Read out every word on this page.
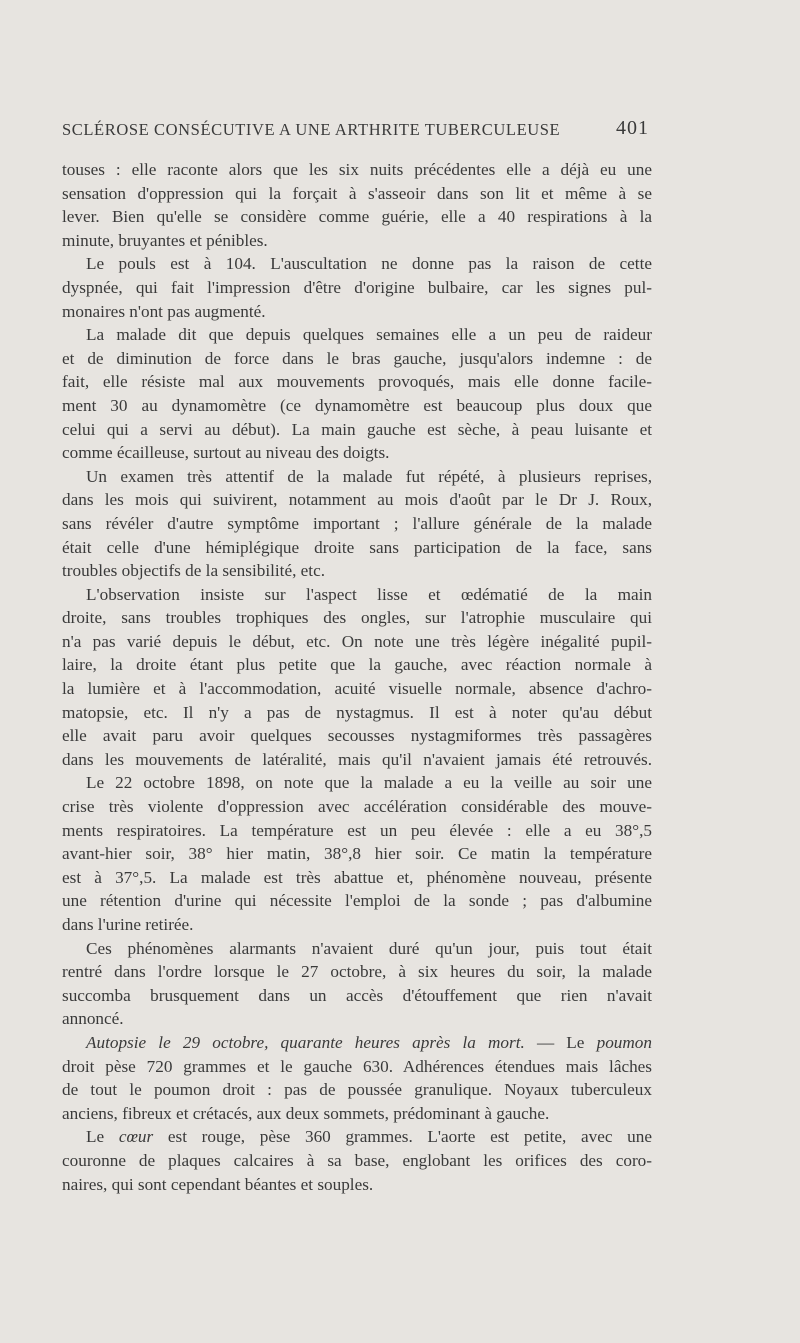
SCLÉROSE CONSÉCUTIVE A UNE ARTHRITE TUBERCULEUSE	401
touses : elle raconte alors que les six nuits précédentes elle a déjà eu une
sensation d'oppression qui la forçait à s'asseoir dans son lit et même à se
lever. Bien qu'elle se considère comme guérie, elle a 40 respirations à la
minute, bruyantes et pénibles.
Le pouls est à 104. L'auscultation ne donne pas la raison de cette
dyspnée, qui fait l'impression d'être d'origine bulbaire, car les signes pul-
monaires n'ont pas augmenté.
La malade dit que depuis quelques semaines elle a un peu de raideur
et de diminution de force dans le bras gauche, jusqu'alors indemne : de
fait, elle résiste mal aux mouvements provoqués, mais elle donne facile-
ment 30 au dynamomètre (ce dynamomètre est beaucoup plus doux que
celui qui a servi au début). La main gauche est sèche, à peau luisante et
comme écailleuse, surtout au niveau des doigts.
Un examen très attentif de la malade fut répété, à plusieurs reprises,
dans les mois qui suivirent, notamment au mois d'août par le Dr J. Roux,
sans révéler d'autre symptôme important ; l'allure générale de la malade
était celle d'une hémiplégique droite sans participation de la face, sans
troubles objectifs de la sensibilité, etc.
L'observation insiste sur l'aspect lisse et œdématié de la main
droite, sans troubles trophiques des ongles, sur l'atrophie musculaire qui
n'a pas varié depuis le début, etc. On note une très légère inégalité pupil-
laire, la droite étant plus petite que la gauche, avec réaction normale à
la lumière et à l'accommodation, acuité visuelle normale, absence d'achro-
matopsie, etc. Il n'y a pas de nystagmus. Il est à noter qu'au début
elle avait paru avoir quelques secousses nystagmiformes très passagères
dans les mouvements de latéralité, mais qu'il n'avaient jamais été retrouvés.
Le 22 octobre 1898, on note que la malade a eu la veille au soir une
crise très violente d'oppression avec accélération considérable des mouve-
ments respiratoires. La température est un peu élevée : elle a eu 38°,5
avant-hier soir, 38° hier matin, 38°,8 hier soir. Ce matin la température
est à 37°,5. La malade est très abattue et, phénomène nouveau, présente
une rétention d'urine qui nécessite l'emploi de la sonde ; pas d'albumine
dans l'urine retirée.
Ces phénomènes alarmants n'avaient duré qu'un jour, puis tout était
rentré dans l'ordre lorsque le 27 octobre, à six heures du soir, la malade
succomba brusquement dans un accès d'étouffement que rien n'avait
annoncé.
Autopsie le 29 octobre, quarante heures après la mort. — Le poumon
droit pèse 720 grammes et le gauche 630. Adhérences étendues mais lâches
de tout le poumon droit : pas de poussée granulique. Noyaux tuberculeux
anciens, fibreux et crétacés, aux deux sommets, prédominant à gauche.
Le cœur est rouge, pèse 360 grammes. L'aorte est petite, avec une
couronne de plaques calcaires à sa base, englobant les orifices des coro-
naires, qui sont cependant béantes et souples.
